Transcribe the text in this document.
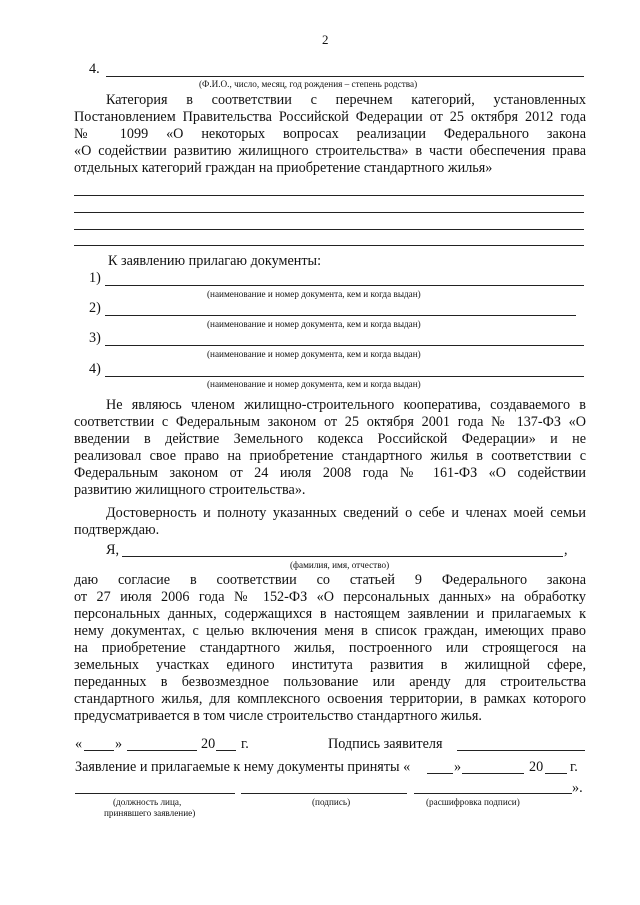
2
4.
(Ф.И.О., число, месяц, год рождения – степень родства)
Категория в соответствии с перечнем категорий, установленных
Постановлением Правительства Российской Федерации от 25 октября 2012 года
№ 1099 «О некоторых вопросах реализации Федерального закона
«О содействии развитию жилищного строительства» в части обеспечения права
отдельных категорий граждан на приобретение стандартного жилья»
К заявлению прилагаю документы:
1)
(наименование и номер документа, кем и когда выдан)
2)
(наименование и номер документа, кем и когда выдан)
3)
(наименование и номер документа, кем и когда выдан)
4)
(наименование и номер документа, кем и когда выдан)
Не являюсь членом жилищно-строительного кооператива, создаваемого в
соответствии с Федеральным законом от 25 октября 2001 года № 137-ФЗ «О
введении в действие Земельного кодекса Российской Федерации» и не
реализовал свое право на приобретение стандартного жилья в соответствии с
Федеральным законом от 24 июля 2008 года № 161-ФЗ «О содействии
развитию жилищного строительства».
Достоверность и полноту указанных сведений о себе и членах моей семьи
подтверждаю.
Я,	,
(фамилия, имя, отчество)
даю согласие в соответствии со статьей 9 Федерального закона
от 27 июля 2006 года № 152-ФЗ «О персональных данных» на обработку
персональных данных, содержащихся в настоящем заявлении и прилагаемых к
нему документах, с целью включения меня в список граждан, имеющих право
на приобретение стандартного жилья, построенного или строящегося на
земельных участках единого института развития в жилищной сфере,
переданных в безвозмездное пользование или аренду для строительства
стандартного жилья, для комплексного освоения территории, в рамках которого
предусматривается в том числе строительство стандартного жилья.
« »	20 г.	Подпись заявителя
Заявление и прилагаемые к нему документы приняты «	»	20 г.
».
(должность лица,
принявшего заявление)
(подпись)	(расшифровка подписи)
